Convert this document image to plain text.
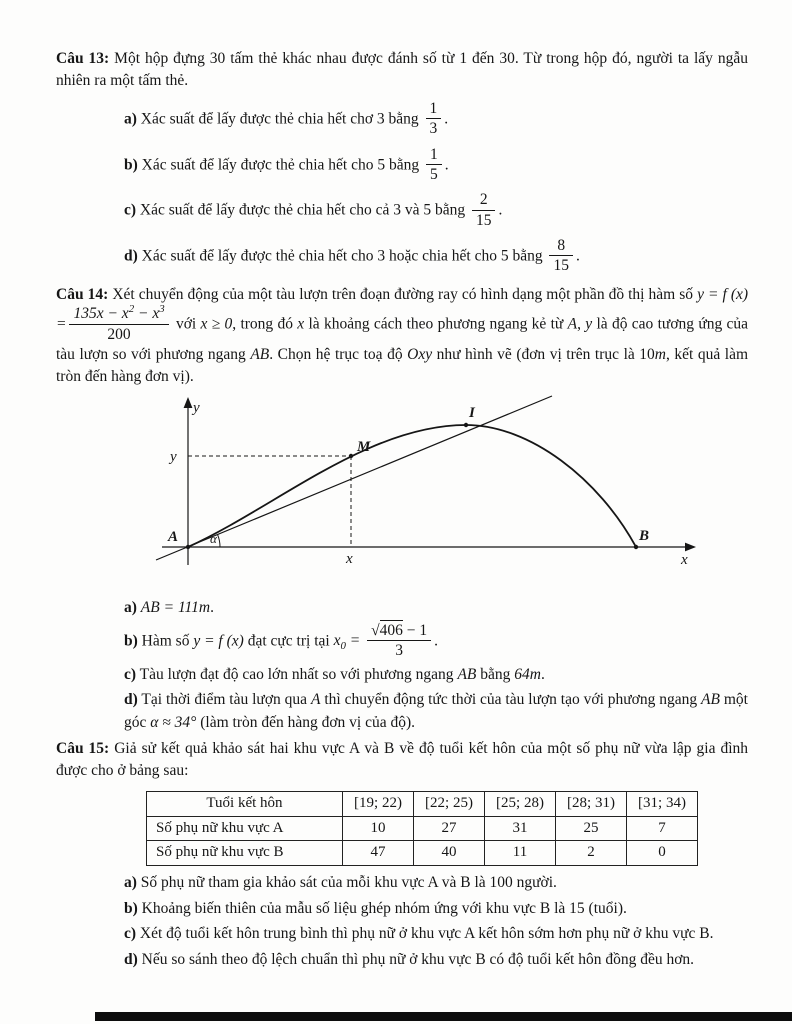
Câu 13: Một hộp đựng 30 tấm thẻ khác nhau được đánh số từ 1 đến 30. Từ trong hộp đó, người ta lấy ngẫu nhiên ra một tấm thẻ.

a) Xác suất để lấy được thẻ chia hết chơ 3 bằng $\frac{1}{3}$ .
b) Xác suất để lấy được thẻ chia hết cho 5 bằng $\frac{1}{5}$ .
c) Xác suất để lấy được thẻ chia hết cho cả 3 và 5 bằng $\frac{2}{15}$ .
d) Xác suất để lấy được thẻ chia hết cho 3 hoặc chia hết cho 5 bằng $\frac{8}{15}$ .

Câu 14: Xét chuyển động của một tàu lượn trên đoạn đường ray có hình dạng một phần đồ thị hàm số y = f $(x) = \frac{135x - x^2 - x^3}{200}$ với x ≥ 0, trong đó x là khoảng cách theo phương ngang kẻ từ A, y là độ cao tương ứng của tàu lượn so với phương ngang AB. Chọn hệ trục toạ độ Oxy như hình vẽ (đơn vị trên trục là 10m, kết quả làm tròn đến hàng đơn vị).

y
x
A	B
I
M
α
y
x
a) AB = 111m.
b) Hàm số y = f (x) đạt cực trị tại $x_0 = \frac{√406 - 1}{3}$ .
c) Tàu lượn đạt độ cao lớn nhất so với phương ngang AB bằng 64m.
d) Tại thời điểm tàu lượn qua A thì chuyển động tức thời của tàu lượn tạo với phương ngang AB một góc α ≈ 34° (làm tròn đến hàng đơn vị của độ).

Câu 15: Giả sử kết quả khảo sát hai khu vực A và B về độ tuổi kết hôn của một số phụ nữ vừa lập gia đình được cho ở bảng sau:

Tuổi kết hôn	[19; 22)	[22; 25)	[25; 28)	[28; 31)	[31; 34)
Số phụ nữ khu vực A	10	27	31	25	7
Số phụ nữ khu vực B	47	40	11	2	0
a) Số phụ nữ tham gia khảo sát của mỗi khu vực A và B là 100 người.
b) Khoảng biến thiên của mẫu số liệu ghép nhóm ứng với khu vực B là 15 (tuổi).
c) Xét độ tuổi kết hôn trung bình thì phụ nữ ở khu vực A kết hôn sớm hơn phụ nữ ở khu vực B.
d) Nếu so sánh theo độ lệch chuẩn thì phụ nữ ở khu vực B có độ tuổi kết hôn đồng đều hơn.
